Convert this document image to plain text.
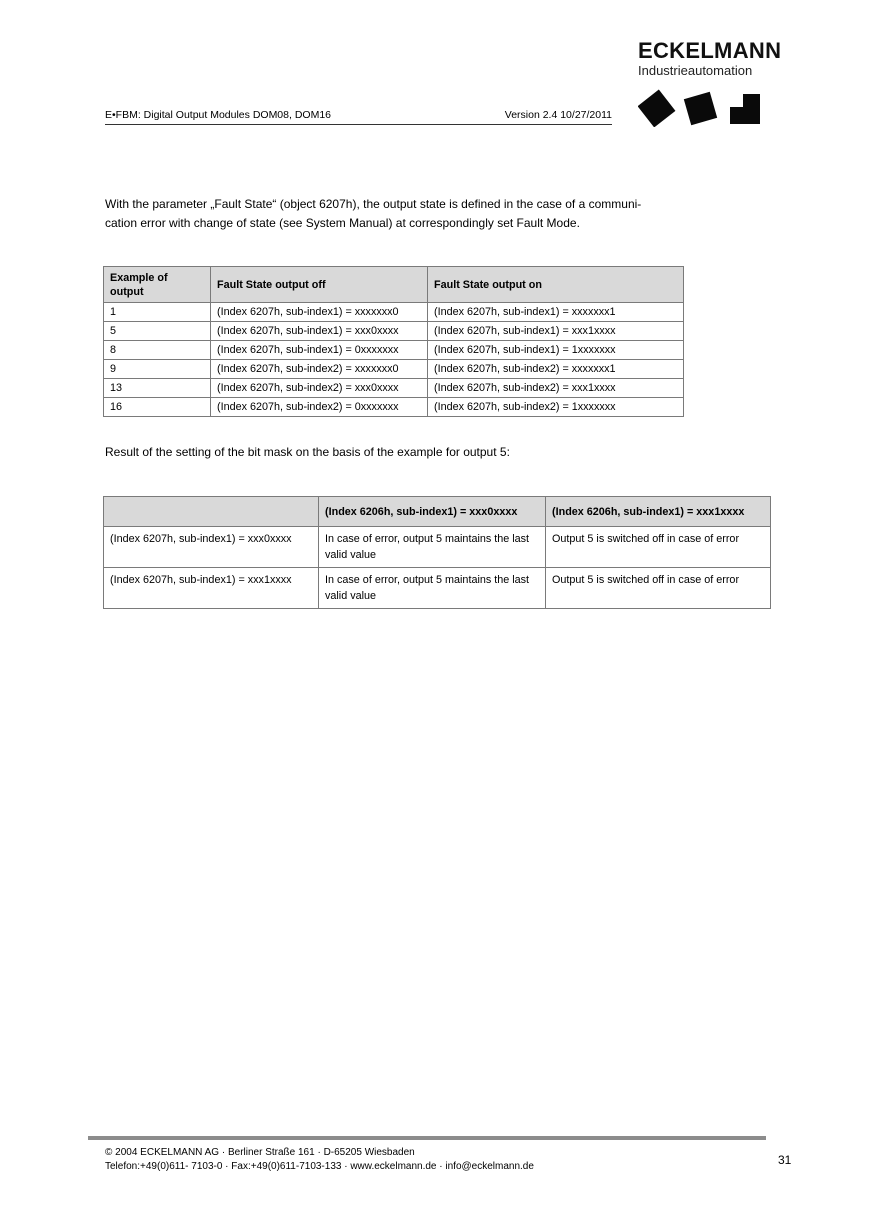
ECKELMANN
Industrieautomation
E•FBM: Digital Output Modules DOM08, DOM16	Version 2.4 10/27/2011
With the parameter „Fault State“ (object 6207h), the output state is defined in the case of a communi-
cation error with change of state (see System Manual) at correspondingly set Fault Mode.
Example of output	Fault State output off	Fault State output on
1	(Index 6207h, sub-index1) = xxxxxxx0	(Index 6207h, sub-index1) = xxxxxxx1
5	(Index 6207h, sub-index1) = xxx0xxxx	(Index 6207h, sub-index1) = xxx1xxxx
8	(Index 6207h, sub-index1) = 0xxxxxxx	(Index 6207h, sub-index1) = 1xxxxxxx
9	(Index 6207h, sub-index2) = xxxxxxx0	(Index 6207h, sub-index2) = xxxxxxx1
13	(Index 6207h, sub-index2) = xxx0xxxx	(Index 6207h, sub-index2) = xxx1xxxx
16	(Index 6207h, sub-index2) = 0xxxxxxx	(Index 6207h, sub-index2) = 1xxxxxxx
Result of the setting of the bit mask on the basis of the example for output 5:
	(Index 6206h, sub-index1) = xxx0xxxx	(Index 6206h, sub-index1) = xxx1xxxx
(Index 6207h, sub-index1) = xxx0xxxx	In case of error, output 5 maintains the last valid value	Output 5 is switched off in case of error
(Index 6207h, sub-index1) = xxx1xxxx	In case of error, output 5 maintains the last valid value	Output 5 is switched off in case of error
© 2004 ECKELMANN AG · Berliner Straße 161 · D-65205 Wiesbaden
Telefon:+49(0)611- 7103-0 · Fax:+49(0)611-7103-133 · www.eckelmann.de · info@eckelmann.de	31
